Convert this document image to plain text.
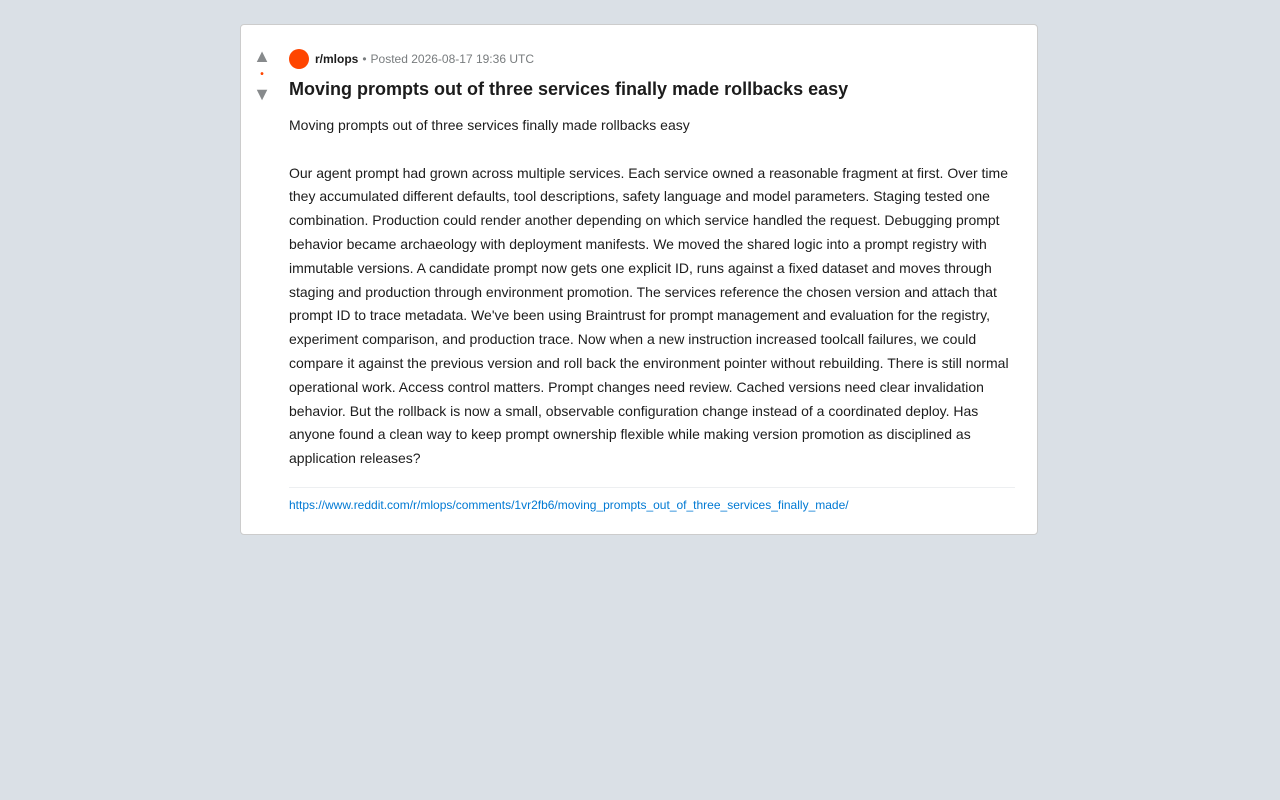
▲
•
▼
r/mlops • Posted 2026-08-17 19:36 UTC
Moving prompts out of three services finally made rollbacks easy

Moving prompts out of three services finally made rollbacks easy

Our agent prompt had grown across multiple services. Each service owned a reasonable fragment at first. Over time they accumulated different defaults, tool descriptions, safety language and model parameters. Staging tested one combination. Production could render another depending on which service handled the request. Debugging prompt behavior became archaeology with deployment manifests. We moved the shared logic into a prompt registry with immutable versions. A candidate prompt now gets one explicit ID, runs against a fixed dataset and moves through staging and production through environment promotion. The services reference the chosen version and attach that prompt ID to trace metadata. We've been using Braintrust for prompt management and evaluation for the registry, experiment comparison, and production trace. Now when a new instruction increased toolcall failures, we could compare it against the previous version and roll back the environment pointer without rebuilding. There is still normal operational work. Access control matters. Prompt changes need review. Cached versions need clear invalidation behavior. But the rollback is now a small, observable configuration change instead of a coordinated deploy. Has anyone found a clean way to keep prompt ownership flexible while making version promotion as disciplined as application releases?

https://www.reddit.com/r/mlops/comments/1vr2fb6/moving_prompts_out_of_three_services_finally_made/
